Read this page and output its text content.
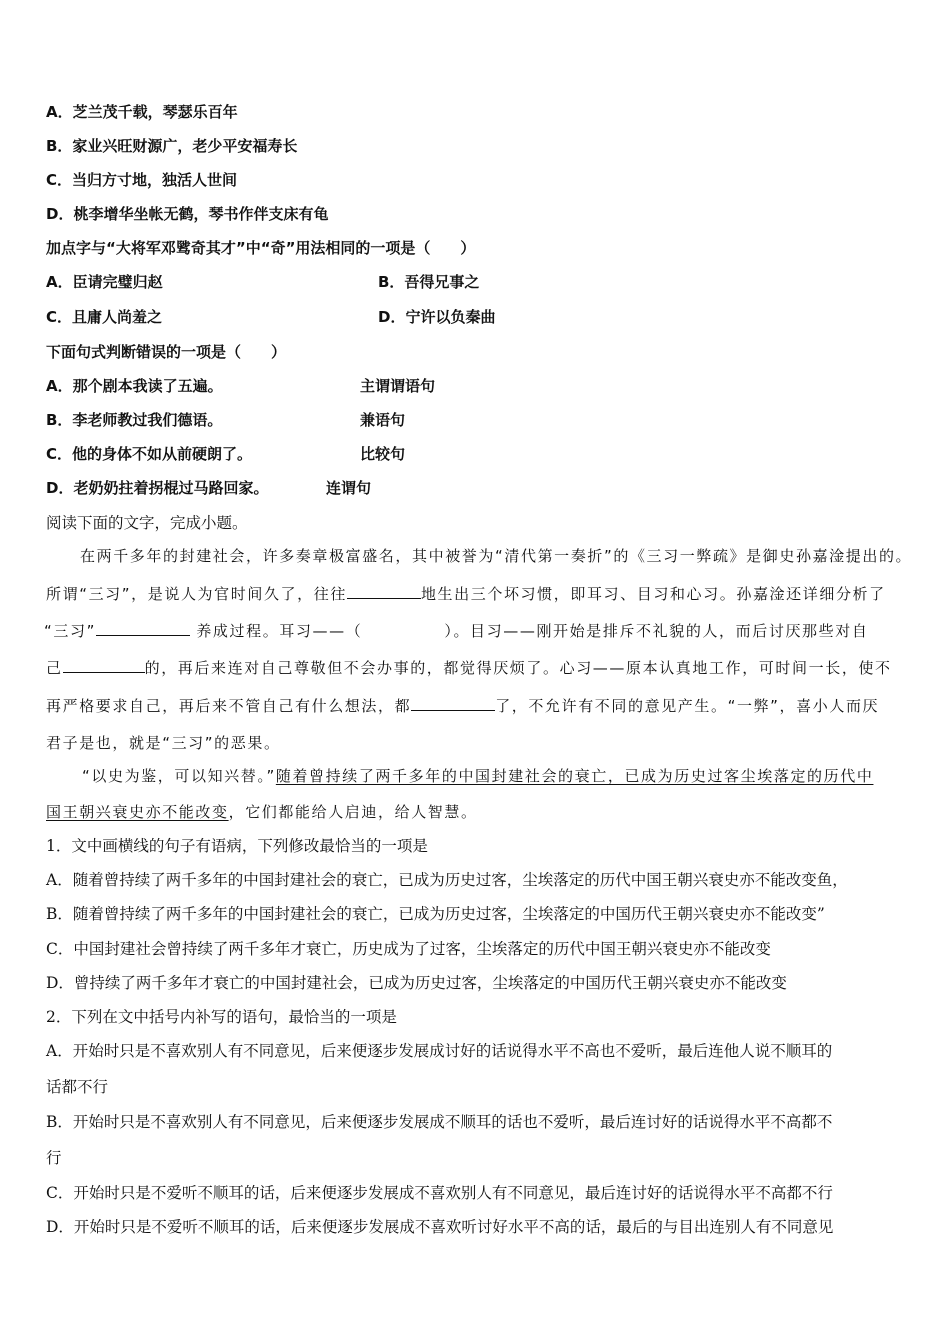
A．芝兰茂千载，琴瑟乐百年
B．家业兴旺财源广，老少平安福寿长
C．当归方寸地，独活人世间
D．桃李增华坐帐无鹤，琴书作伴支床有龟
加点字与“大将军邓骘奇其才”中“奇”用法相同的一项是（　　）
A．臣请完璧归赵	B．吾得兄事之
C．且庸人尚羞之	D．宁许以负秦曲
下面句式判断错误的一项是（　　）
A．那个剧本我读了五遍。	主谓谓语句
B．李老师教过我们德语。	兼语句
C．他的身体不如从前硬朗了。	比较句
D．老奶奶拄着拐棍过马路回家。	连谓句
阅读下面的文字，完成小题。
在两千多年的封建社会，许多奏章极富盛名，其中被誉为“清代第一奏折”的《三习一弊疏》是御史孙嘉淦提出的。
所谓“三习”，是说人为官时间久了，往往	地生出三个坏习惯，即耳习、目习和心习。孙嘉淦还详细分析了
“三习”	养成过程。耳习——（	）。目习——刚开始是排斥不礼貌的人，而后讨厌那些对自
己	的，再后来连对自己尊敬但不会办事的，都觉得厌烦了。心习——原本认真地工作，可时间一长，使不
再严格要求自己，再后来不管自己有什么想法，都	了，不允许有不同的意见产生。“一弊”，喜小人而厌
君子是也，就是“三习”的恶果。
“以史为鉴，可以知兴替。”随着曾持续了两千多年的中国封建社会的衰亡，已成为历史过客尘埃落定的历代中
国王朝兴衰史亦不能改变，它们都能给人启迪，给人智慧。
1．文中画横线的句子有语病，下列修改最恰当的一项是
A．随着曾持续了两千多年的中国封建社会的衰亡，已成为历史过客，尘埃落定的历代中国王朝兴衰史亦不能改变鱼，
B．随着曾持续了两千多年的中国封建社会的衰亡，已成为历史过客，尘埃落定的中国历代王朝兴衰史亦不能改变”
C．中国封建社会曾持续了两千多年才衰亡，历史成为了过客，尘埃落定的历代中国王朝兴衰史亦不能改变
D．曾持续了两千多年才衰亡的中国封建社会，已成为历史过客，尘埃落定的中国历代王朝兴衰史亦不能改变
2．下列在文中括号内补写的语句，最恰当的一项是
A．开始时只是不喜欢别人有不同意见，后来便逐步发展成讨好的话说得水平不高也不爱听，最后连他人说不顺耳的
话都不行
B．开始时只是不喜欢别人有不同意见，后来便逐步发展成不顺耳的话也不爱听，最后连讨好的话说得水平不高都不
行
C．开始时只是不爱听不顺耳的话，后来便逐步发展成不喜欢别人有不同意见，最后连讨好的话说得水平不高都不行
D．开始时只是不爱听不顺耳的话，后来便逐步发展成不喜欢听讨好水平不高的话，最后的与目出连别人有不同意见
